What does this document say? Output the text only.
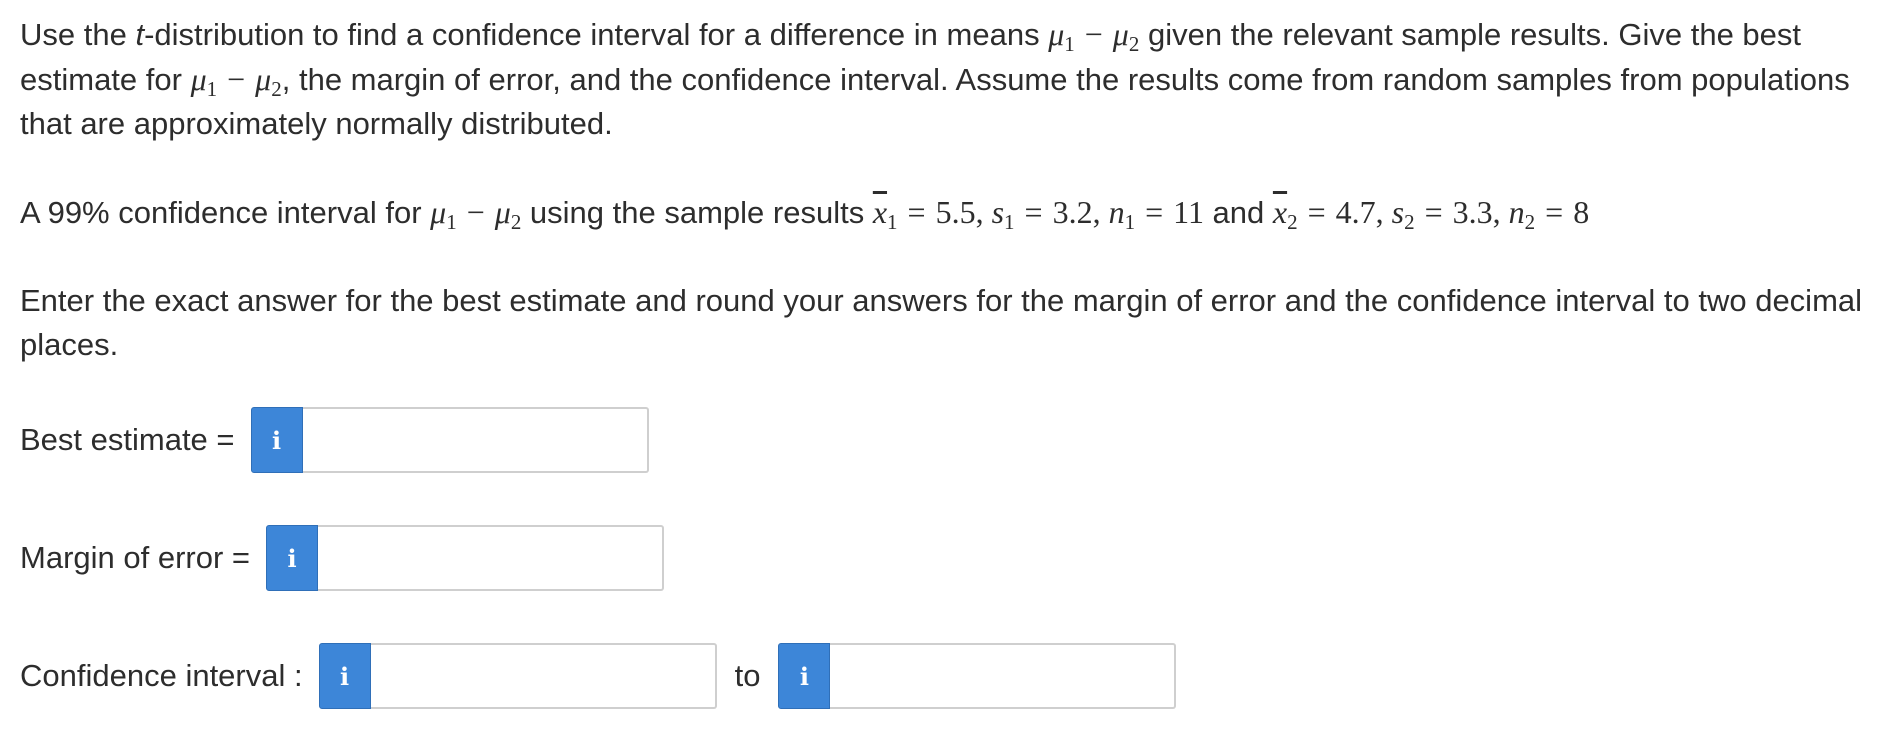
Use the t-distribution to find a confidence interval for a difference in means $\mu_1 - \mu_2$ given the relevant sample results. Give the best estimate for $\mu_1 - \mu_2$, the margin of error, and the confidence interval. Assume the results come from random samples from populations that are approximately normally distributed.

A 99% confidence interval for $\mu_1 - \mu_2$ using the sample results $\overline{x}_1 = 5.5$, $s_1 = 3.2$, $n_1 = 11$ and $\overline{x}_2 = 4.7$, $s_2 = 3.3$, $n_2 = 8$

Enter the exact answer for the best estimate and round your answers for the margin of error and the confidence interval to two decimal places.

Best estimate =	i
Margin of error =	i
Confidence interval :	i	to	i
